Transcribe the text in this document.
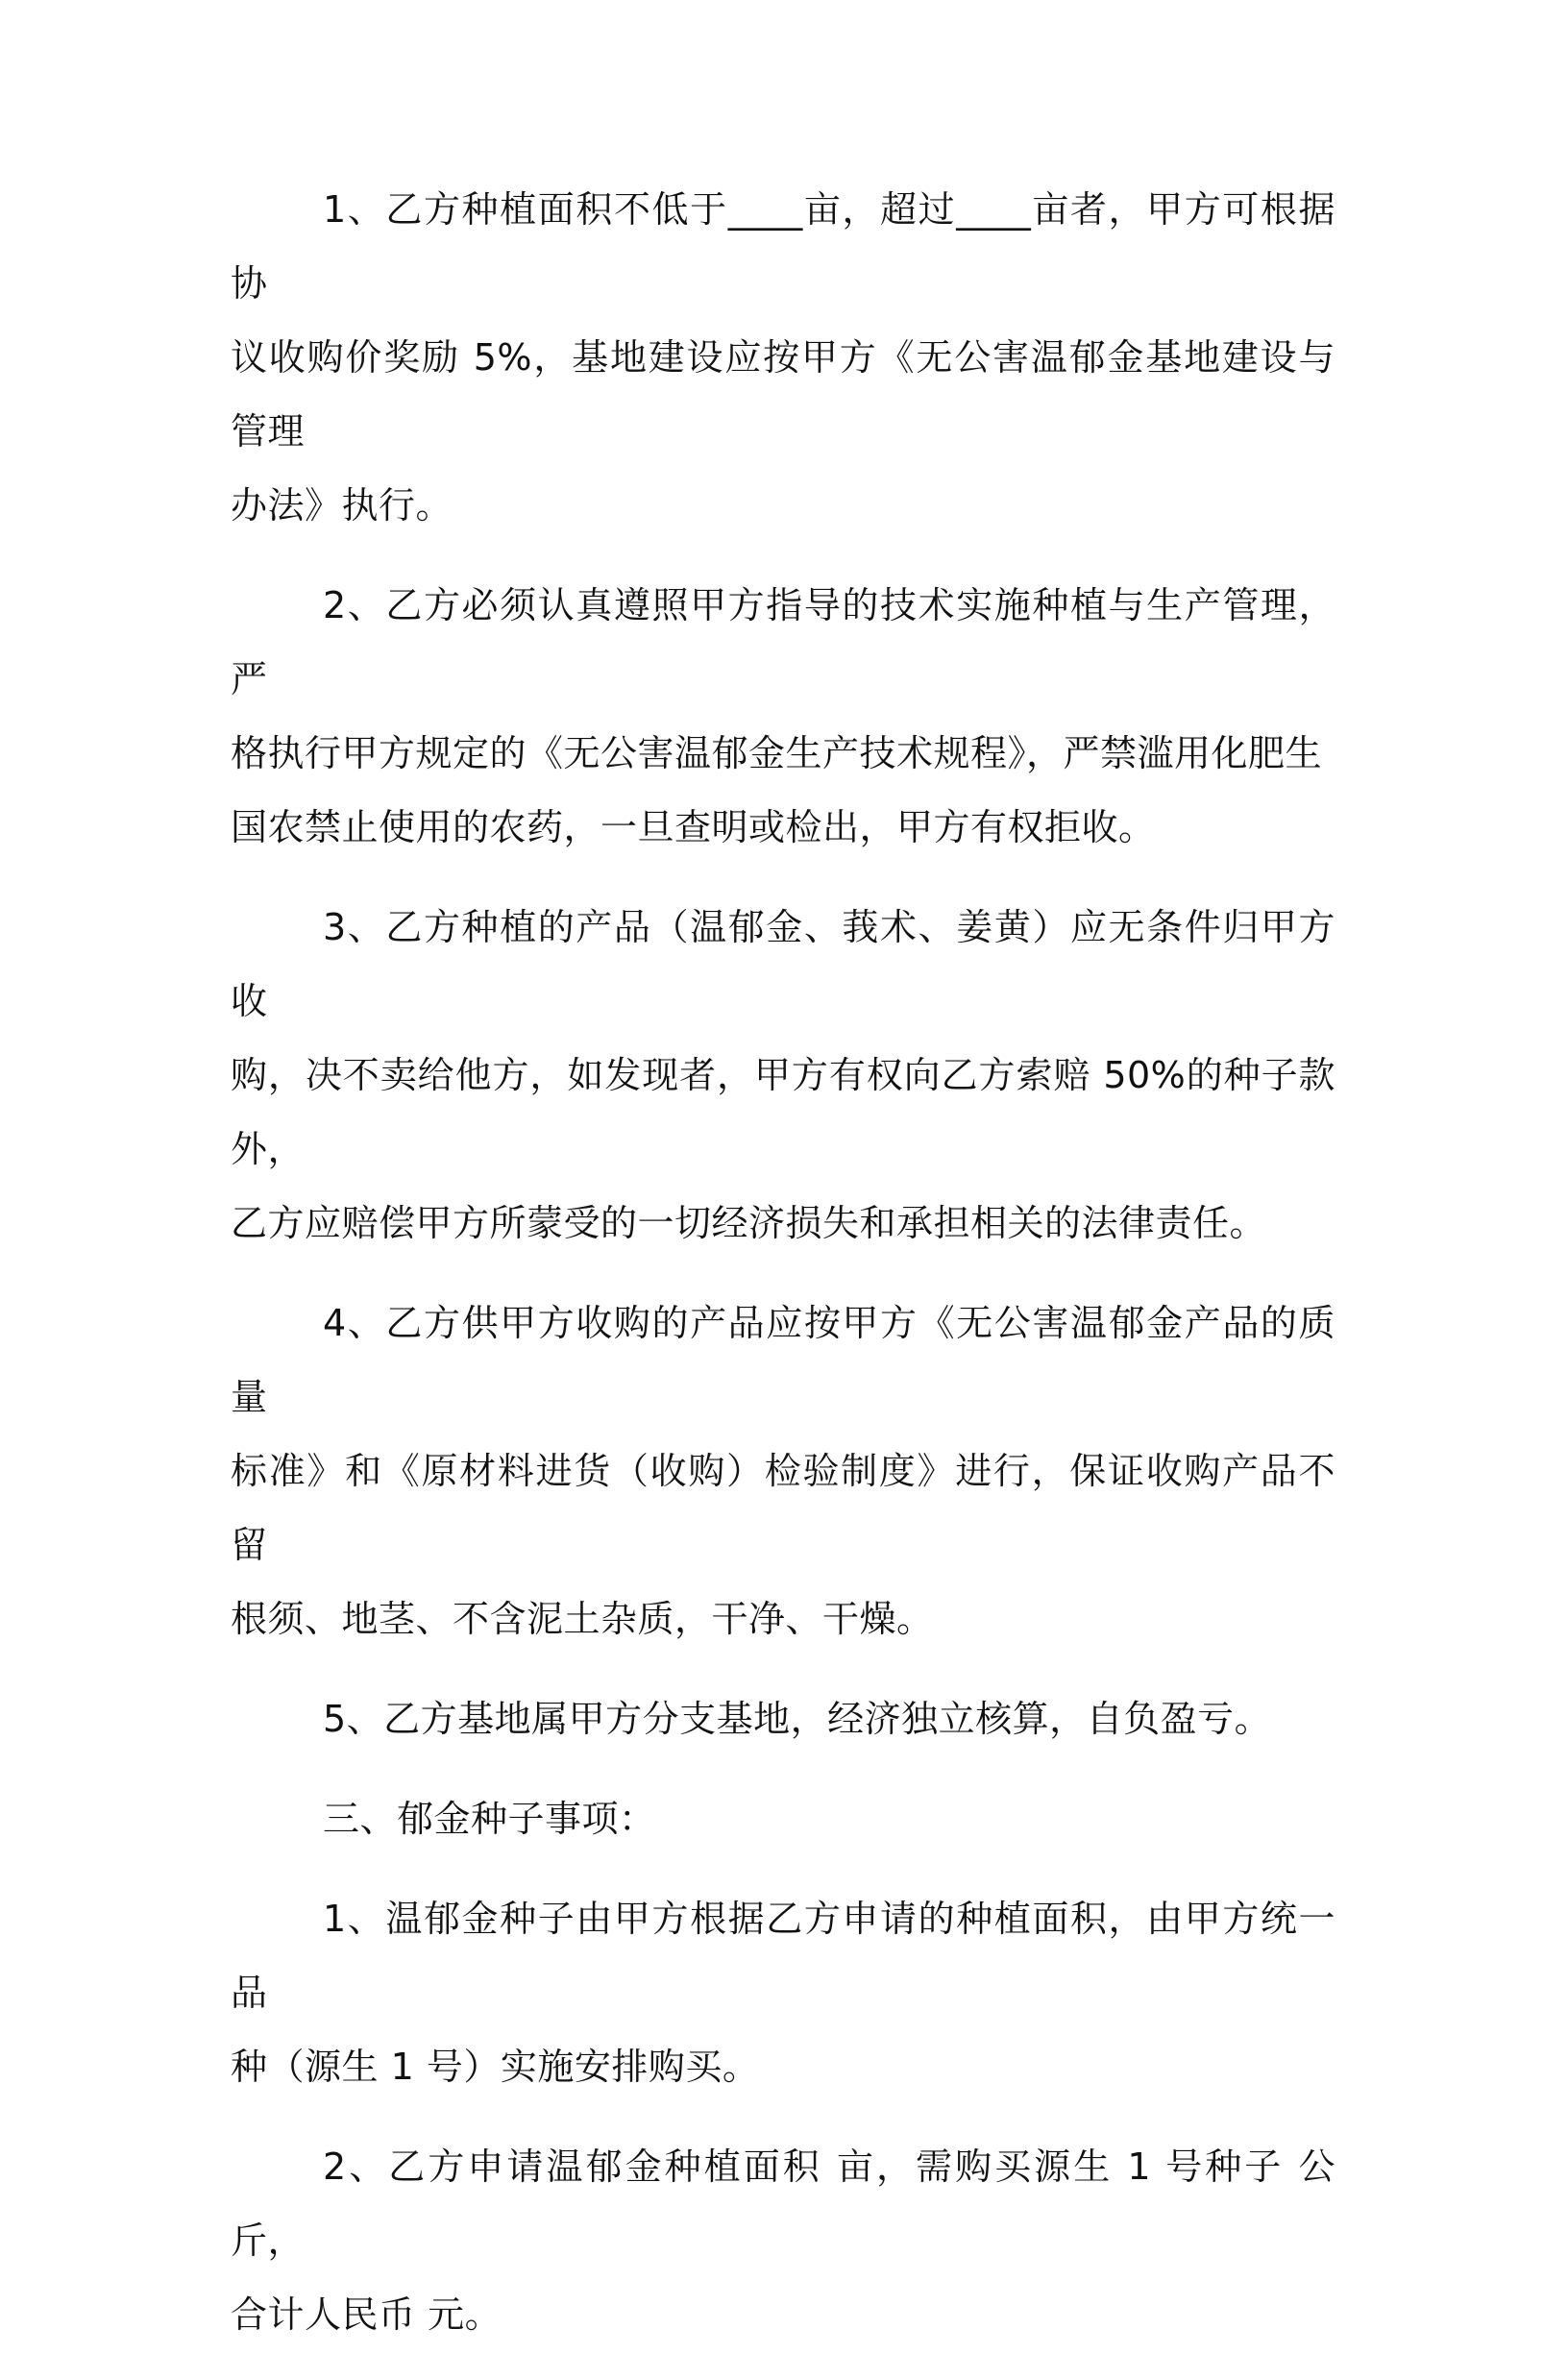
1、乙方种植面积不低于____亩，超过____亩者，甲方可根据协
议收购价奖励 5%，基地建设应按甲方《无公害温郁金基地建设与管理
办法》执行。

2、乙方必须认真遵照甲方指导的技术实施种植与生产管理，严
格执行甲方规定的《无公害温郁金生产技术规程》，严禁滥用化肥生
国农禁止使用的农药，一旦查明或检出，甲方有权拒收。

3、乙方种植的产品（温郁金、莪术、姜黄）应无条件归甲方收
购，决不卖给他方，如发现者，甲方有权向乙方索赔 50%的种子款外，
乙方应赔偿甲方所蒙受的一切经济损失和承担相关的法律责任。

4、乙方供甲方收购的产品应按甲方《无公害温郁金产品的质量
标准》和《原材料进货（收购）检验制度》进行，保证收购产品不留
根须、地茎、不含泥土杂质，干净、干燥。

5、乙方基地属甲方分支基地，经济独立核算，自负盈亏。

三、郁金种子事项：

1、温郁金种子由甲方根据乙方申请的种植面积，由甲方统一品
种（源生 1 号）实施安排购买。

2、乙方申请温郁金种植面积 亩，需购买源生 1 号种子 公斤，
合计人民币 元。
